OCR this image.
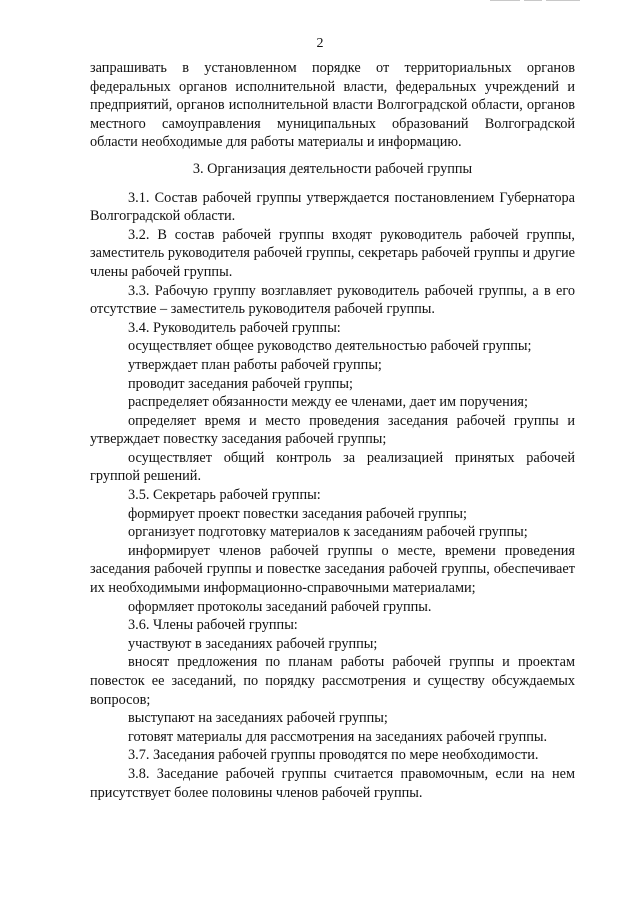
2

запрашивать в установленном порядке от территориальных органов федеральных органов исполнительной власти, федеральных учреждений и предприятий, органов исполнительной власти Волгоградской области, органов местного самоуправления муниципальных образований Волгоградской области необходимые для работы материалы и информацию.

3. Организация деятельности рабочей группы

3.1. Состав рабочей группы утверждается постановлением Губернатора Волгоградской области.

3.2. В состав рабочей группы входят руководитель рабочей группы, заместитель руководителя рабочей группы, секретарь рабочей группы и другие члены рабочей группы.

3.3. Рабочую группу возглавляет руководитель рабочей группы, а в его отсутствие – заместитель руководителя рабочей группы.

3.4. Руководитель рабочей группы:

осуществляет общее руководство деятельностью рабочей группы;

утверждает план работы рабочей группы;

проводит заседания рабочей группы;

распределяет обязанности между ее членами, дает им поручения;

определяет время и место проведения заседания рабочей группы и утверждает повестку заседания рабочей группы;

осуществляет общий контроль за реализацией принятых рабочей группой решений.

3.5. Секретарь рабочей группы:

формирует проект повестки заседания рабочей группы;

организует подготовку материалов к заседаниям рабочей группы;

информирует членов рабочей группы о месте, времени проведения заседания рабочей группы и повестке заседания рабочей группы, обеспечивает их необходимыми информационно-справочными материалами;

оформляет протоколы заседаний рабочей группы.

3.6. Члены рабочей группы:

участвуют в заседаниях рабочей группы;

вносят предложения по планам работы рабочей группы и проектам повесток ее заседаний, по порядку рассмотрения и существу обсуждаемых вопросов;

выступают на заседаниях рабочей группы;

готовят материалы для рассмотрения на заседаниях рабочей группы.

3.7. Заседания рабочей группы проводятся по мере необходимости.

3.8. Заседание рабочей группы считается правомочным, если на нем присутствует более половины членов рабочей группы.
